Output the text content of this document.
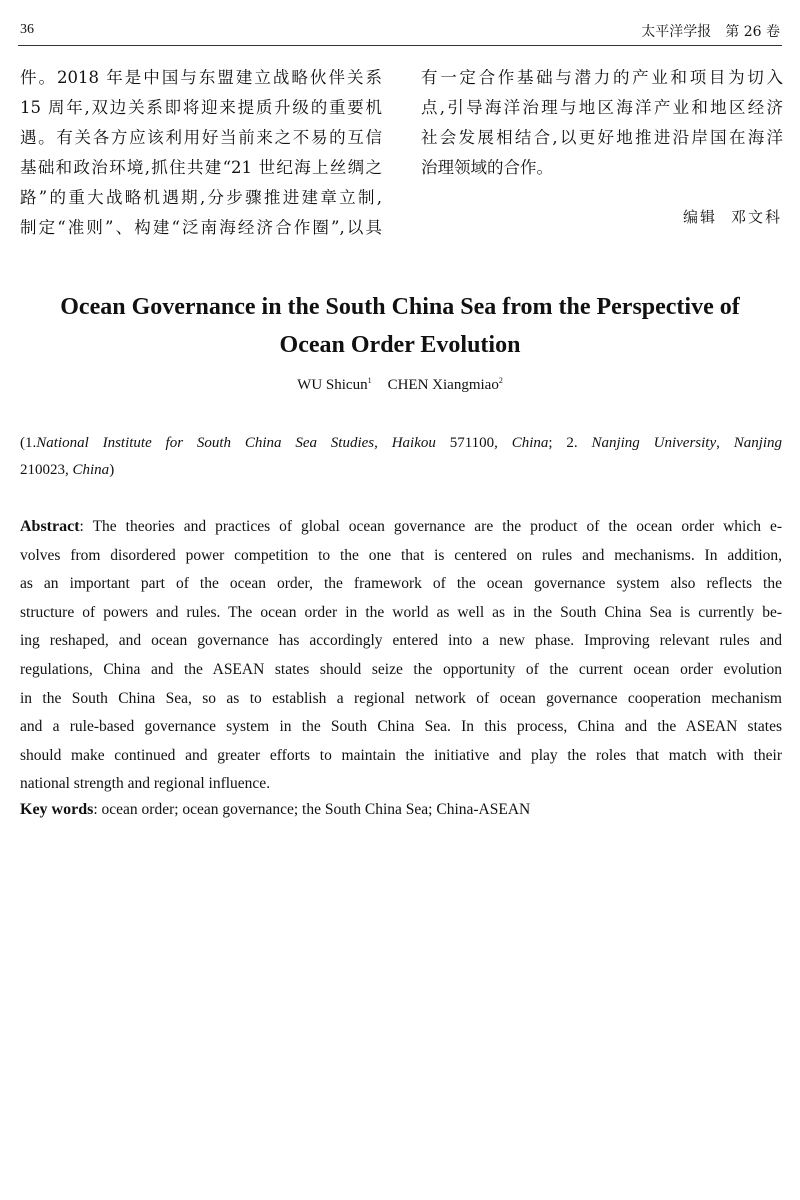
36	太平洋学报　第 26 卷
件。2018 年是中国与东盟建立战略伙伴关系
15 周年,双边关系即将迎来提质升级的重要机
遇。有关各方应该利用好当前来之不易的互信
基础和政治环境,抓住共建“21 世纪海上丝绸之
路”的重大战略机遇期,分步骤推进建章立制,
制定“准则”、构建“泛南海经济合作圈”,以具
有一定合作基础与潜力的产业和项目为切入
点,引导海洋治理与地区海洋产业和地区经济
社会发展相结合,以更好地推进沿岸国在海洋
治理领域的合作。
编辑 邓文科
Ocean Governance in the South China Sea from the Perspective of
Ocean Order Evolution
WU Shicun$^1$ CHEN Xiangmiao$^2$
(1.National Institute for South China Sea Studies, Haikou 571100, China; 2. Nanjing University, Nanjing
210023, China)
Abstract: The theories and practices of global ocean governance are the product of the ocean order which e-
volves from disordered power competition to the one that is centered on rules and mechanisms. In addition,
as an important part of the ocean order, the framework of the ocean governance system also reflects the
structure of powers and rules. The ocean order in the world as well as in the South China Sea is currently be-
ing reshaped, and ocean governance has accordingly entered into a new phase. Improving relevant rules and
regulations, China and the ASEAN states should seize the opportunity of the current ocean order evolution
in the South China Sea, so as to establish a regional network of ocean governance cooperation mechanism
and a rule-based governance system in the South China Sea. In this process, China and the ASEAN states
should make continued and greater efforts to maintain the initiative and play the roles that match with their
national strength and regional influence.
Key words: ocean order; ocean governance; the South China Sea; China-ASEAN
